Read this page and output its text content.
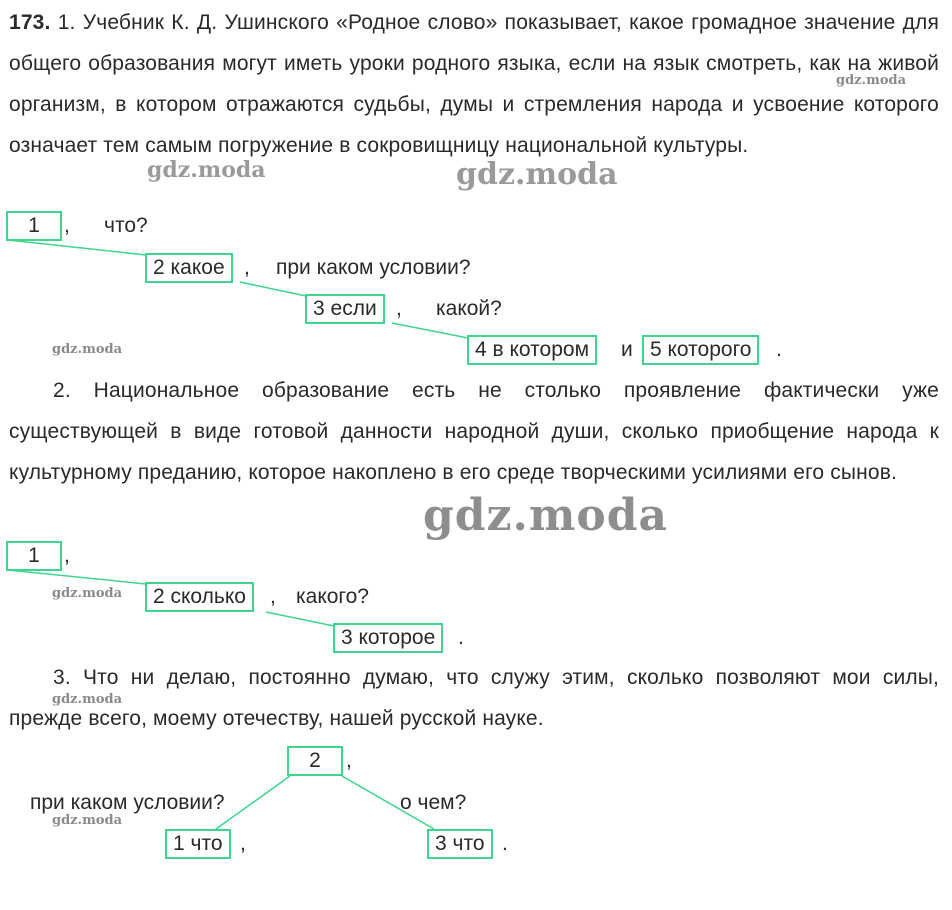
173. 1. Учебник К. Д. Ушинского «Родное слово» показывает, какое громадное значение для общего образования могут иметь уроки родного языка, если на язык смотреть, как на живой организм, в котором отражаются судьбы, думы и стремления народа и усвоение которого означает тем самым погружение в сокровищницу национальной культуры.
1	, что?
2 какое , при каком условии?
3 если , какой?
4 в котором	и 5 которого	.
2. Национальное образование есть не столько проявление фактически уже существующей в виде готовой данности народной души, сколько приобщение народа к культурному преданию, которое накоплено в его среде творческими усилиями его сынов.
1	,
2 сколько	, какого?
3 которое	.
3. Что ни делаю, постоянно думаю, что служу этим, сколько позволяют мои силы, прежде всего, моему отечеству, нашей русской науке.
2	,
при каком условии?	о чем?
1 что ,	3 что .
gdz.moda
gdz.moda	gdz.moda
gdz.moda
gdz.moda
gdz.moda
gdz.moda
gdz.moda
